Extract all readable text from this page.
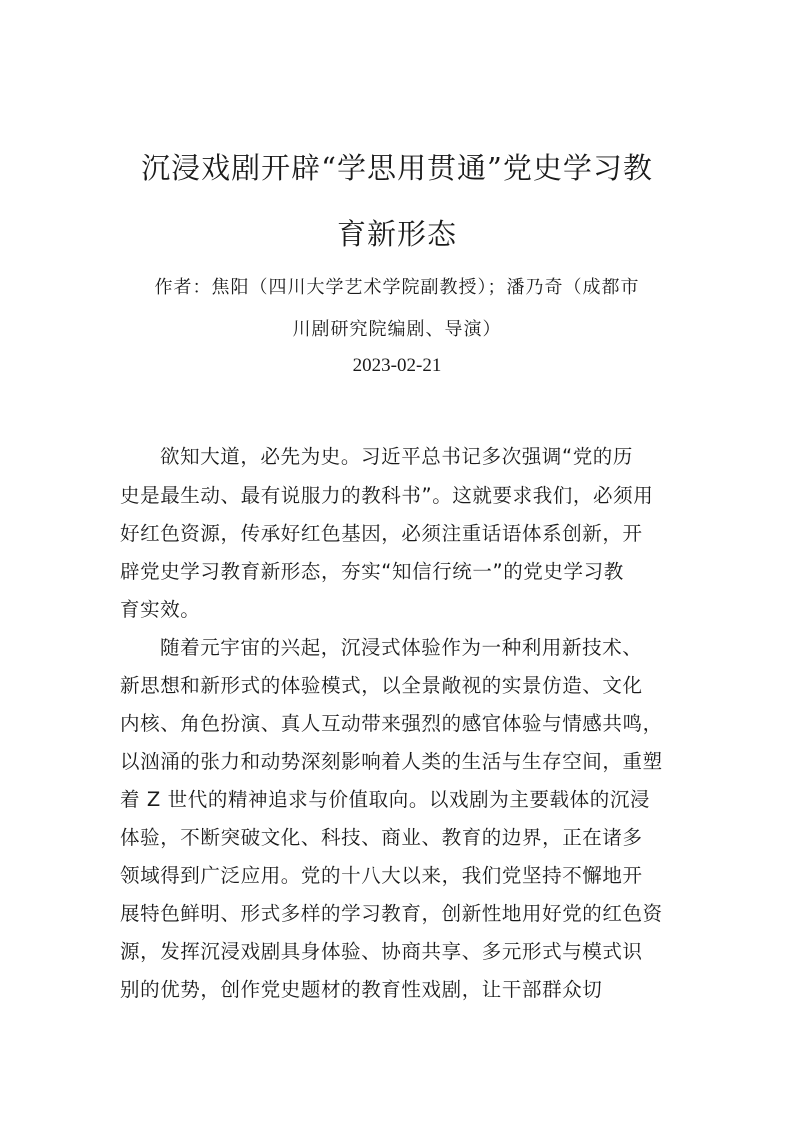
沉浸戏剧开辟“学思用贯通”党史学习教
育新形态
作者：焦阳（四川大学艺术学院副教授）；潘乃奇（成都市
川剧研究院编剧、导演）
2023-02-21
欲知大道，必先为史。习近平总书记多次强调“党的历
史是最生动、最有说服力的教科书”。这就要求我们，必须用
好红色资源，传承好红色基因，必须注重话语体系创新，开
辟党史学习教育新形态，夯实“知信行统一”的党史学习教
育实效。
随着元宇宙的兴起，沉浸式体验作为一种利用新技术、
新思想和新形式的体验模式，以全景敞视的实景仿造、文化
内核、角色扮演、真人互动带来强烈的感官体验与情感共鸣，
以汹涌的张力和动势深刻影响着人类的生活与生存空间，重塑
着 Z 世代的精神追求与价值取向。以戏剧为主要载体的沉浸
体验，不断突破文化、科技、商业、教育的边界，正在诸多
领域得到广泛应用。党的十八大以来，我们党坚持不懈地开
展特色鲜明、形式多样的学习教育，创新性地用好党的红色资
源，发挥沉浸戏剧具身体验、协商共享、多元形式与模式识
别的优势，创作党史题材的教育性戏剧，让干部群众切
